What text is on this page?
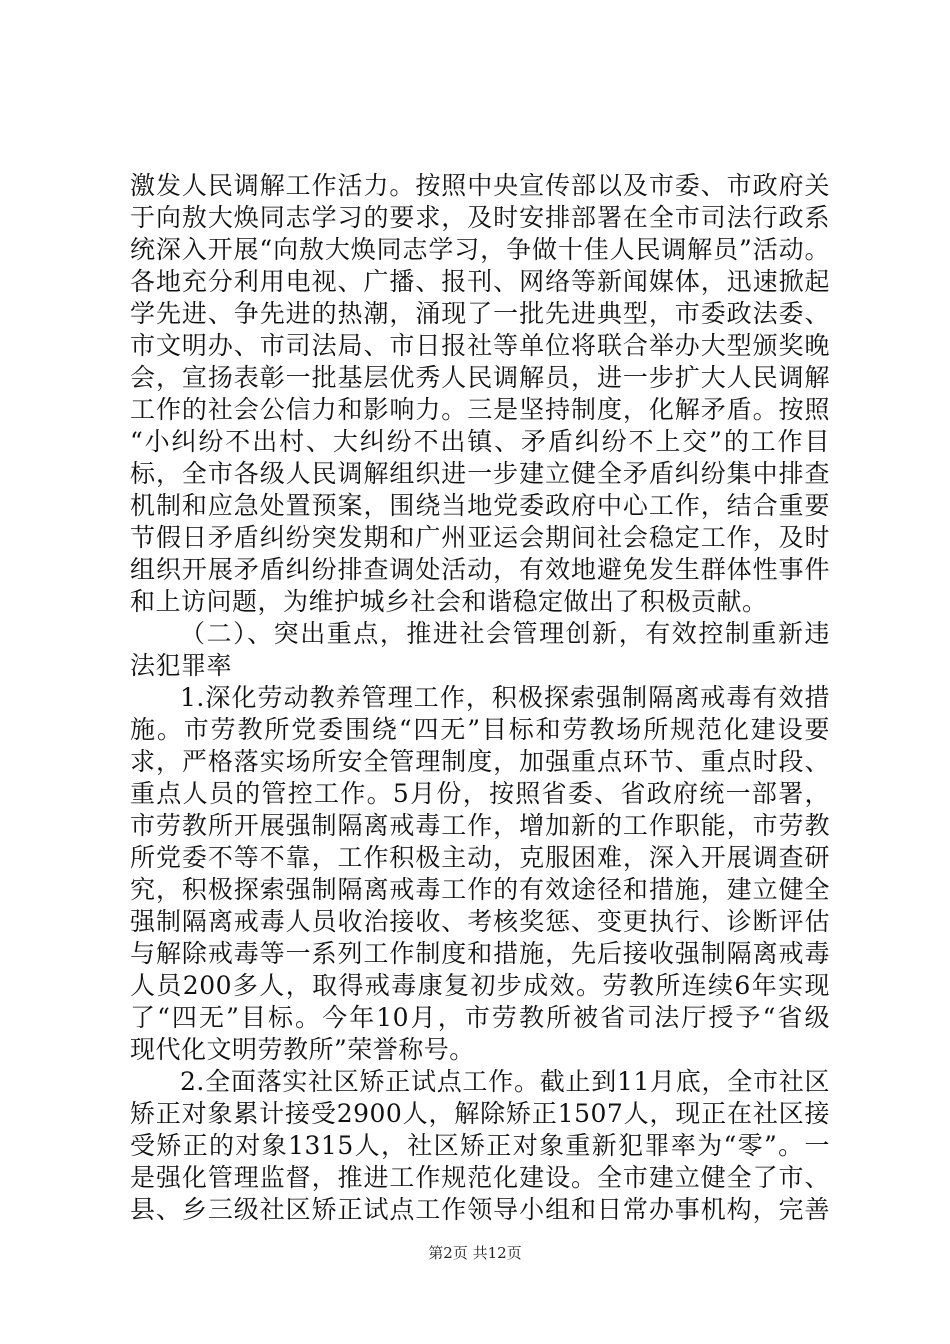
激发人民调解工作活力。按照中央宣传部以及市委、市政府关
于向敖大焕同志学习的要求，及时安排部署在全市司法行政系
统深入开展“向敖大焕同志学习，争做十佳人民调解员”活动。
各地充分利用电视、广播、报刊、网络等新闻媒体，迅速掀起
学先进、争先进的热潮，涌现了一批先进典型，市委政法委、
市文明办、市司法局、市日报社等单位将联合举办大型颁奖晚
会，宣扬表彰一批基层优秀人民调解员，进一步扩大人民调解
工作的社会公信力和影响力。三是坚持制度，化解矛盾。按照
“小纠纷不出村、大纠纷不出镇、矛盾纠纷不上交”的工作目
标，全市各级人民调解组织进一步建立健全矛盾纠纷集中排查
机制和应急处置预案，围绕当地党委政府中心工作，结合重要
节假日矛盾纠纷突发期和广州亚运会期间社会稳定工作，及时
组织开展矛盾纠纷排查调处活动，有效地避免发生群体性事件
和上访问题，为维护城乡社会和谐稳定做出了积极贡献。
（二）、突出重点，推进社会管理创新，有效控制重新违
法犯罪率
1.深化劳动教养管理工作，积极探索强制隔离戒毒有效措
施。市劳教所党委围绕“四无”目标和劳教场所规范化建设要
求，严格落实场所安全管理制度，加强重点环节、重点时段、
重点人员的管控工作。5月份，按照省委、省政府统一部署，
市劳教所开展强制隔离戒毒工作，增加新的工作职能，市劳教
所党委不等不靠，工作积极主动，克服困难，深入开展调查研
究，积极探索强制隔离戒毒工作的有效途径和措施，建立健全
强制隔离戒毒人员收治接收、考核奖惩、变更执行、诊断评估
与解除戒毒等一系列工作制度和措施，先后接收强制隔离戒毒
人员200多人，取得戒毒康复初步成效。劳教所连续6年实现
了“四无”目标。今年10月，市劳教所被省司法厅授予“省级
现代化文明劳教所”荣誉称号。
2.全面落实社区矫正试点工作。截止到11月底，全市社区
矫正对象累计接受2900人，解除矫正1507人，现正在社区接
受矫正的对象1315人，社区矫正对象重新犯罪率为“零”。一
是强化管理监督，推进工作规范化建设。全市建立健全了市、
县、乡三级社区矫正试点工作领导小组和日常办事机构，完善
第2页 共12页
